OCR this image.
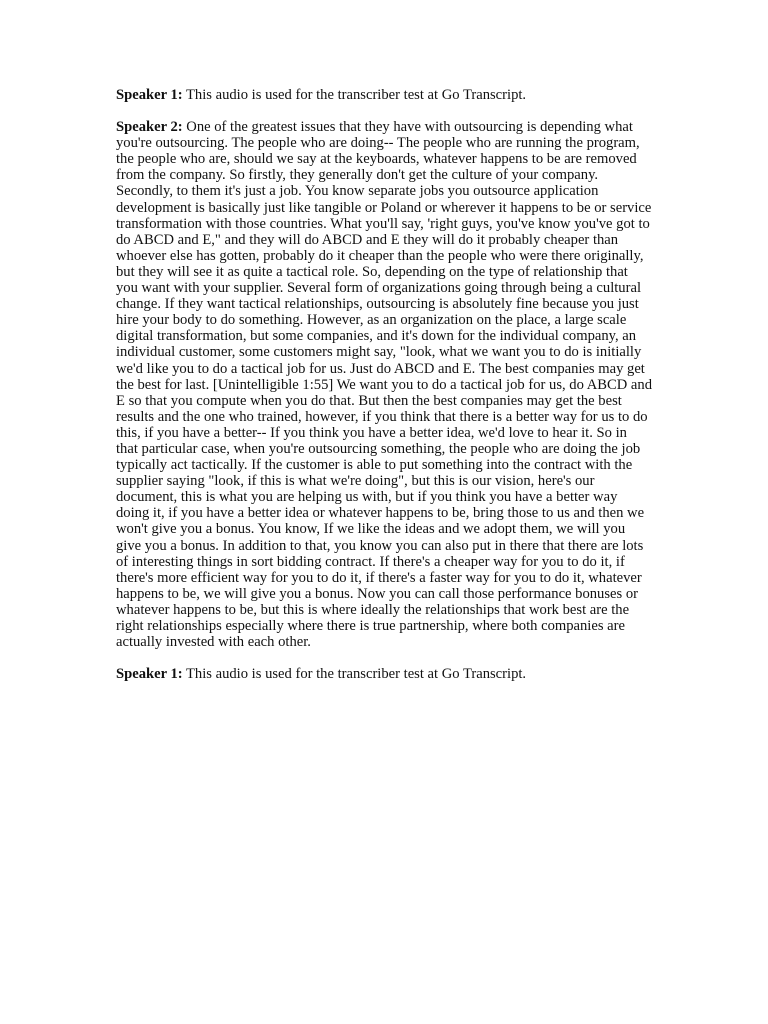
Speaker 1: This audio is used for the transcriber test at Go Transcript.

Speaker 2: One of the greatest issues that they have with outsourcing is depending what you're outsourcing. The people who are doing-- The people who are running the program, the people who are, should we say at the keyboards, whatever happens to be are removed from the company. So firstly, they generally don't get the culture of your company. Secondly, to them it's just a job. You know separate jobs you outsource application development is basically just like tangible or Poland or wherever it happens to be or service transformation with those countries. What you'll say, 'right guys, you've know you've got to do ABCD and E," and they will do ABCD and E they will do it probably cheaper than whoever else has gotten, probably do it cheaper than the people who were there originally, but they will see it as quite a tactical role. So, depending on the type of relationship that you want with your supplier. Several form of organizations going through being a cultural change. If they want tactical relationships, outsourcing is absolutely fine because you just hire your body to do something. However, as an organization on the place, a large scale digital transformation, but some companies, and it's down for the individual company, an individual customer, some customers might say, "look, what we want you to do is initially we'd like you to do a tactical job for us. Just do ABCD and E. The best companies may get the best for last. [Unintelligible 1:55] We want you to do a tactical job for us, do ABCD and E so that you compute when you do that. But then the best companies may get the best results and the one who trained, however, if you think that there is a better way for us to do this, if you have a better-- If you think you have a better idea, we'd love to hear it. So in that particular case, when you're outsourcing something, the people who are doing the job typically act tactically. If the customer is able to put something into the contract with the supplier saying "look, if this is what we're doing", but this is our vision, here's our document, this is what you are helping us with, but if you think you have a better way doing it, if you have a better idea or whatever happens to be, bring those to us and then we won't give you a bonus. You know, If we like the ideas and we adopt them, we will you give you a bonus. In addition to that, you know you can also put in there that there are lots of interesting things in sort bidding contract. If there's a cheaper way for you to do it, if there's more efficient way for you to do it, if there's a faster way for you to do it, whatever happens to be, we will give you a bonus. Now you can call those performance bonuses or whatever happens to be, but this is where ideally the relationships that work best are the right relationships especially where there is true partnership, where both companies are actually invested with each other.

Speaker 1: This audio is used for the transcriber test at Go Transcript.
